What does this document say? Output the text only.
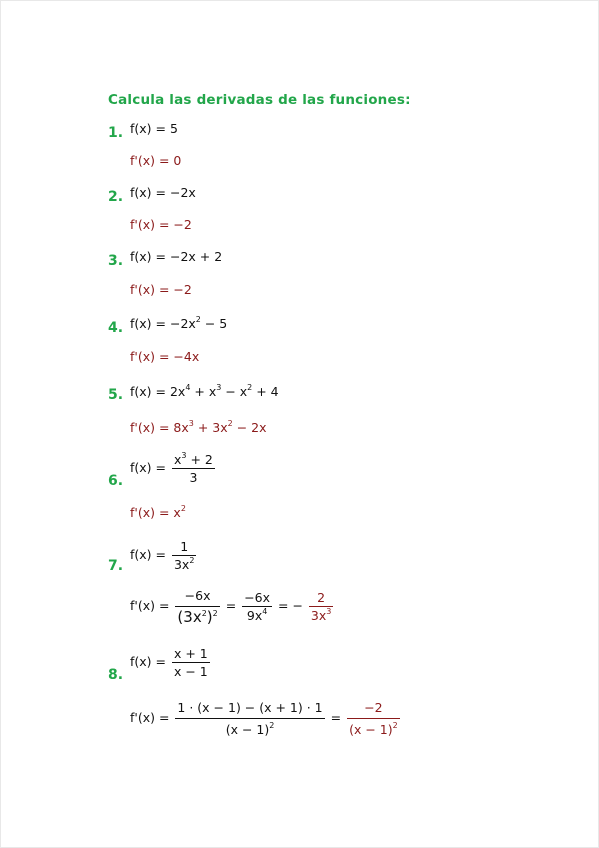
Calcula las derivadas de las funciones:
1. f(x) = 5
f'(x) = 0
2. f(x) = −2x
f'(x) = −2
3. f(x) = −2x + 2
f'(x) = −2
4. $f(x) = -2x^2 - 5$
f'(x) = −4x
5. $f(x) = 2x^4 + x^3 - x^2 + 4$
$f'(x) = 8x^3 + 3x^2 - 2x$
6.
$f(x) = \frac{x^3 + 2}{3}$
$f'(x) = x^2$
7.
$f(x) = \frac{1}{3x^2}$
$f'(x) = \frac{-6x}{(3x^2)^2} = \frac{-6x}{9x^4}$ = − $\frac{2}{3x^3}$
8.
$f(x) = \frac{x + 1}{x - 1}$
$f'(x) = \frac{1 \cdot (x - 1) - (x + 1) \cdot 1}{(x - 1)^2} = \frac{-2}{(x - 1)^2}$
